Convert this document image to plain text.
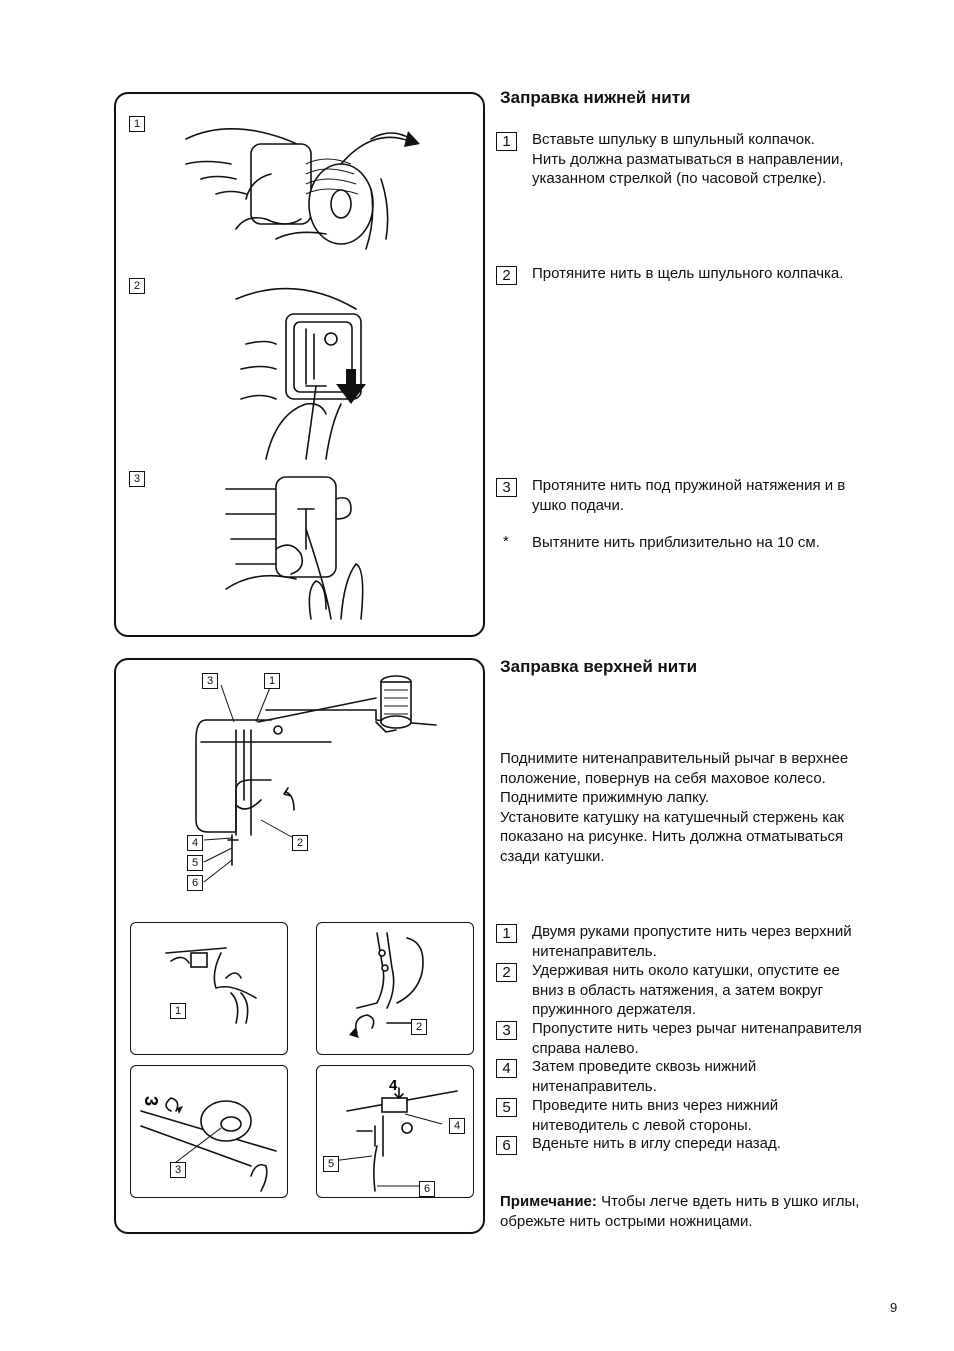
1
2
3
3	1
4	2
5
6
1
2
3
3
4
4
5
6
Заправка нижней нити
1	Вставьте шпульку в шпульный колпачок.
Нить должна разматываться в направлении,
указанном стрелкой (по часовой стрелке).
2	Протяните нить в щель шпульного колпачка.
3	Протяните нить под пружиной натяжения и в
ушко подачи.
* Вытяните нить приблизительно на 10 см.
Заправка верхней нити
Поднимите нитенаправительный рычаг в верхнее
положение, повернув на себя маховое колесо.
Поднимите прижимную лапку.
Установите катушку на катушечный стержень как
показано на рисунке. Нить должна отматываться
сзади катушки.
1	Двумя руками пропустите нить через верхний
нитенаправитель.
2	Удерживая нить около катушки, опустите ее
вниз в область натяжения, а затем вокруг
пружинного держателя.
3	Пропустите нить через рычаг нитенаправителя
справа налево.
4	Затем проведите сквозь нижний
нитенаправитель.
5	Проведите нить вниз через нижний
нитеводитель с левой стороны.
6	Вденьте нить в иглу спереди назад.
Примечание: Чтобы легче вдеть нить в ушко иглы, обрежьте нить острыми ножницами.
9
